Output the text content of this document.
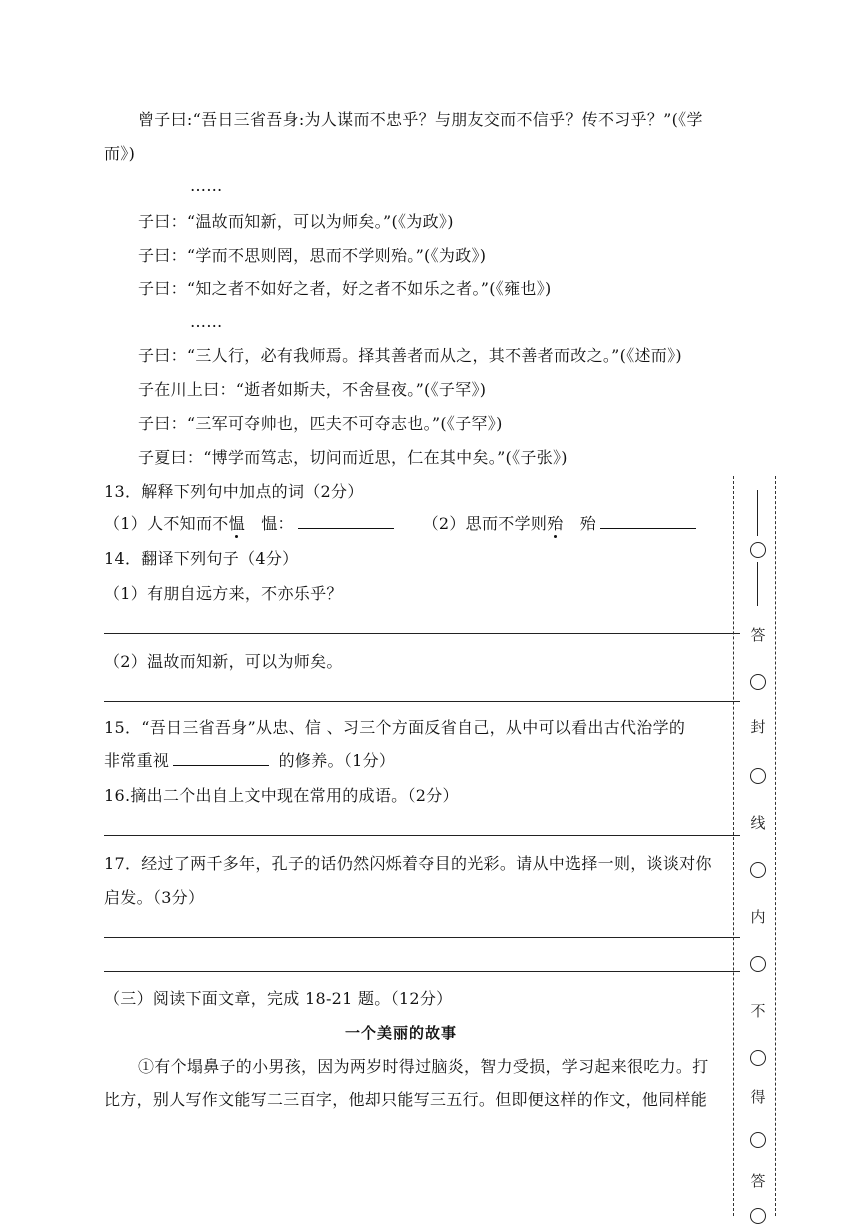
曾子曰:“吾日三省吾身:为人谋而不忠乎？与朋友交而不信乎？传不习乎？”(《学
而》)
……
子曰：“温故而知新，可以为师矣。”(《为政》)
子曰：“学而不思则罔，思而不学则殆。”(《为政》)
子曰：“知之者不如好之者，好之者不如乐之者。”(《雍也》)
……
子曰：“三人行，必有我师焉。择其善者而从之，其不善者而改之。”(《述而》)
子在川上曰：“逝者如斯夫，不舍昼夜。”(《子罕》)
子曰：“三军可夺帅也，匹夫不可夺志也。”(《子罕》)
子夏曰：“博学而笃志，切问而近思，仁在其中矣。”(《子张》)
13．解释下列句中加点的词（2分）
（1）人不知而不愠　愠：	（2）思而不学则殆　殆
14．翻译下列句子（4分）
（1）有朋自远方来，不亦乐乎？
（2）温故而知新，可以为师矣。
15．“吾日三省吾身”从忠、信 、习三个方面反省自己，从中可以看出古代治学的
非常重视	的修养。（1分）
16.摘出二个出自上文中现在常用的成语。（2分）
17．经过了两千多年，孔子的话仍然闪烁着夺目的光彩。请从中选择一则，谈谈对你
启发。（3分）
（三）阅读下面文章，完成 18-21 题。（12分）
一个美丽的故事
①有个塌鼻子的小男孩，因为两岁时得过脑炎，智力受损，学习起来很吃力。打
比方，别人写作文能写二三百字，他却只能写三五行。但即便这样的作文，他同样能
答
封
线
内
不
得
答
